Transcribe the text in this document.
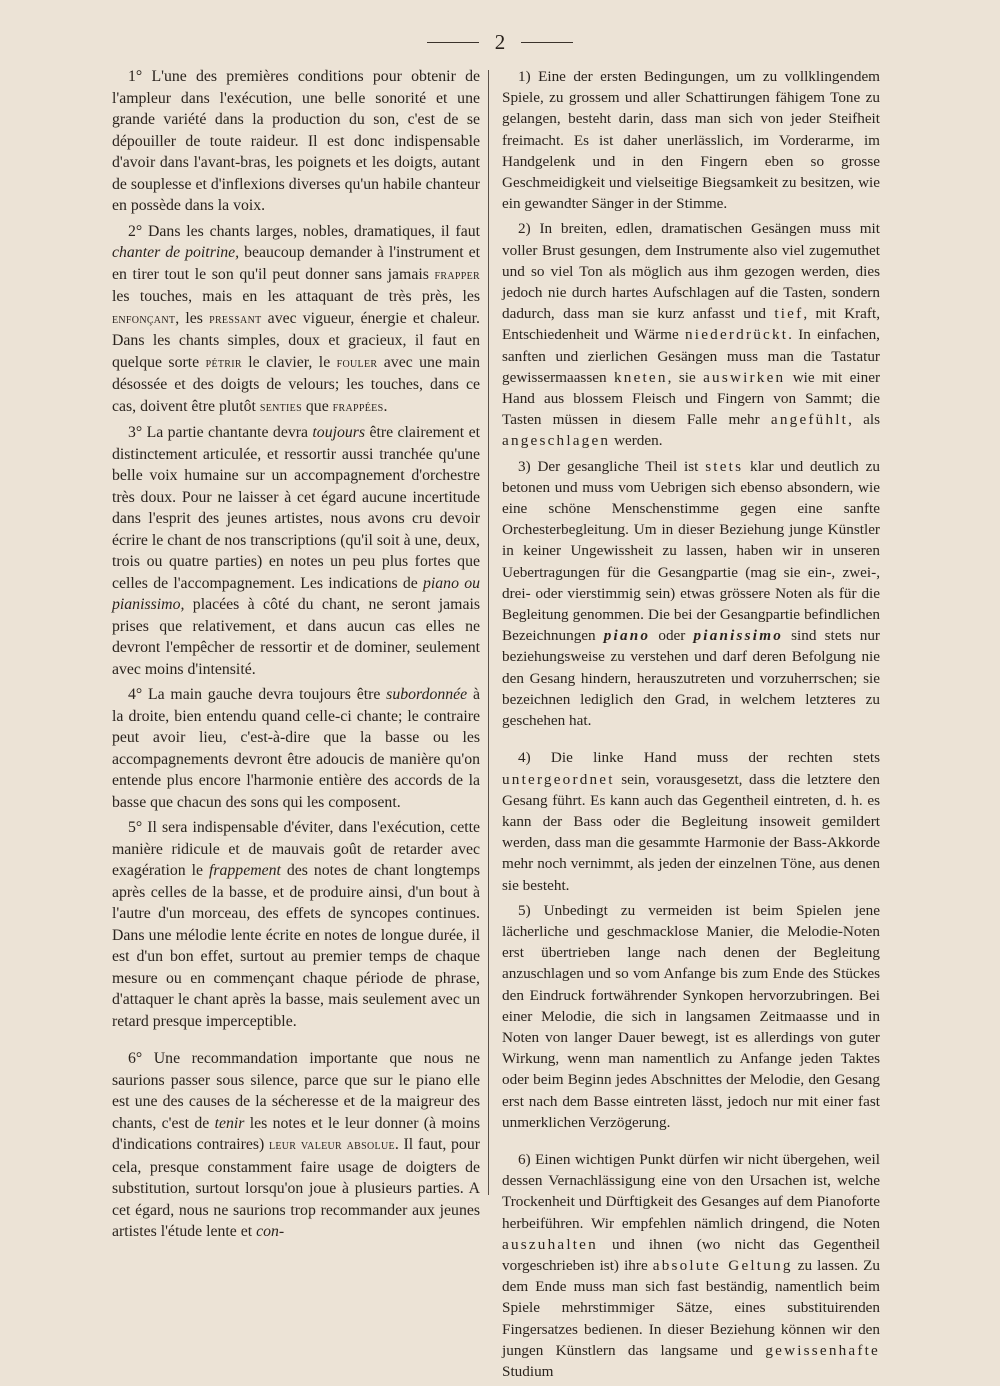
2

1° L'une des premières conditions pour obtenir de l'ampleur dans l'exécution, une belle sonorité et une grande variété dans la production du son, c'est de se dépouiller de toute raideur. Il est donc indispensable d'avoir dans l'avant-bras, les poignets et les doigts, autant de souplesse et d'inflexions diverses qu'un habile chanteur en possède dans la voix.

2° Dans les chants larges, nobles, dramatiques, il faut chanter de poitrine, beaucoup demander à l'instrument et en tirer tout le son qu'il peut donner sans jamais frapper les touches, mais en les attaquant de très près, les enfonçant, les pressant avec vigueur, énergie et chaleur. Dans les chants simples, doux et gracieux, il faut en quelque sorte pétrir le clavier, le fouler avec une main désossée et des doigts de velours; les touches, dans ce cas, doivent être plutôt senties que frappées.

3° La partie chantante devra toujours être clairement et distinctement articulée, et ressortir aussi tranchée qu'une belle voix humaine sur un accompagnement d'orchestre très doux. Pour ne laisser à cet égard aucune incertitude dans l'esprit des jeunes artistes, nous avons cru devoir écrire le chant de nos transcriptions (qu'il soit à une, deux, trois ou quatre parties) en notes un peu plus fortes que celles de l'accompagnement. Les indications de piano ou pianissimo, placées à côté du chant, ne seront jamais prises que relativement, et dans aucun cas elles ne devront l'empêcher de ressortir et de dominer, seulement avec moins d'intensité.

4° La main gauche devra toujours être subordonnée à la droite, bien entendu quand celle-ci chante; le contraire peut avoir lieu, c'est-à-dire que la basse ou les accompagnements devront être adoucis de manière qu'on entende plus encore l'harmonie entière des accords de la basse que chacun des sons qui les composent.

5° Il sera indispensable d'éviter, dans l'exécution, cette manière ridicule et de mauvais goût de retarder avec exagération le frappement des notes de chant longtemps après celles de la basse, et de produire ainsi, d'un bout à l'autre d'un morceau, des effets de syncopes continues. Dans une mélodie lente écrite en notes de longue durée, il est d'un bon effet, surtout au premier temps de chaque mesure ou en commençant chaque période de phrase, d'attaquer le chant après la basse, mais seulement avec un retard presque imperceptible.

6° Une recommandation importante que nous ne saurions passer sous silence, parce que sur le piano elle est une des causes de la sécheresse et de la maigreur des chants, c'est de tenir les notes et le leur donner (à moins d'indications contraires) leur valeur absolue. Il faut, pour cela, presque constamment faire usage de doigters de substitution, surtout lorsqu'on joue à plusieurs parties. A cet égard, nous ne saurions trop recommander aux jeunes artistes l'étude lente et con-

1) Eine der ersten Bedingungen, um zu vollklingendem Spiele, zu grossem und aller Schattirungen fähigem Tone zu gelangen, besteht darin, dass man sich von jeder Steifheit freimacht. Es ist daher unerlässlich, im Vorderarme, im Handgelenk und in den Fingern eben so grosse Geschmeidigkeit und vielseitige Biegsamkeit zu besitzen, wie ein gewandter Sänger in der Stimme.

2) In breiten, edlen, dramatischen Gesängen muss mit voller Brust gesungen, dem Instrumente also viel zugemuthet und so viel Ton als möglich aus ihm gezogen werden, dies jedoch nie durch hartes Aufschlagen auf die Tasten, sondern dadurch, dass man sie kurz anfasst und tief, mit Kraft, Entschiedenheit und Wärme niederdrückt. In einfachen, sanften und zierlichen Gesängen muss man die Tastatur gewissermaassen kneten, sie auswirken wie mit einer Hand aus blossem Fleisch und Fingern von Sammt; die Tasten müssen in diesem Falle mehr angefühlt, als angeschlagen werden.

3) Der gesangliche Theil ist stets klar und deutlich zu betonen und muss vom Uebrigen sich ebenso absondern, wie eine schöne Menschenstimme gegen eine sanfte Orchesterbegleitung. Um in dieser Beziehung junge Künstler in keiner Ungewissheit zu lassen, haben wir in unseren Uebertragungen für die Gesangpartie (mag sie ein-, zwei-, drei- oder vierstimmig sein) etwas grössere Noten als für die Begleitung genommen. Die bei der Gesangpartie befindlichen Bezeichnungen piano oder pianissimo sind stets nur beziehungsweise zu verstehen und darf deren Befolgung nie den Gesang hindern, herauszutreten und vorzuherrschen; sie bezeichnen lediglich den Grad, in welchem letzteres zu geschehen hat.

4) Die linke Hand muss der rechten stets untergeordnet sein, vorausgesetzt, dass die letztere den Gesang führt. Es kann auch das Gegentheil eintreten, d. h. es kann der Bass oder die Begleitung insoweit gemildert werden, dass man die gesammte Harmonie der Bass-Akkorde mehr noch vernimmt, als jeden der einzelnen Töne, aus denen sie besteht.

5) Unbedingt zu vermeiden ist beim Spielen jene lächerliche und geschmacklose Manier, die Melodie-Noten erst übertrieben lange nach denen der Begleitung anzuschlagen und so vom Anfange bis zum Ende des Stückes den Eindruck fortwährender Synkopen hervorzubringen. Bei einer Melodie, die sich in langsamen Zeitmaasse und in Noten von langer Dauer bewegt, ist es allerdings von guter Wirkung, wenn man namentlich zu Anfange jeden Taktes oder beim Beginn jedes Abschnittes der Melodie, den Gesang erst nach dem Basse eintreten lässt, jedoch nur mit einer fast unmerklichen Verzögerung.

6) Einen wichtigen Punkt dürfen wir nicht übergehen, weil dessen Vernachlässigung eine von den Ursachen ist, welche Trockenheit und Dürftigkeit des Gesanges auf dem Pianoforte herbeiführen. Wir empfehlen nämlich dringend, die Noten auszuhalten und ihnen (wo nicht das Gegentheil vorgeschrieben ist) ihre absolute Geltung zu lassen. Zu dem Ende muss man sich fast beständig, namentlich beim Spiele mehrstimmiger Sätze, eines substituirenden Fingersatzes bedienen. In dieser Beziehung können wir den jungen Künstlern das langsame und gewissenhafte Studium
